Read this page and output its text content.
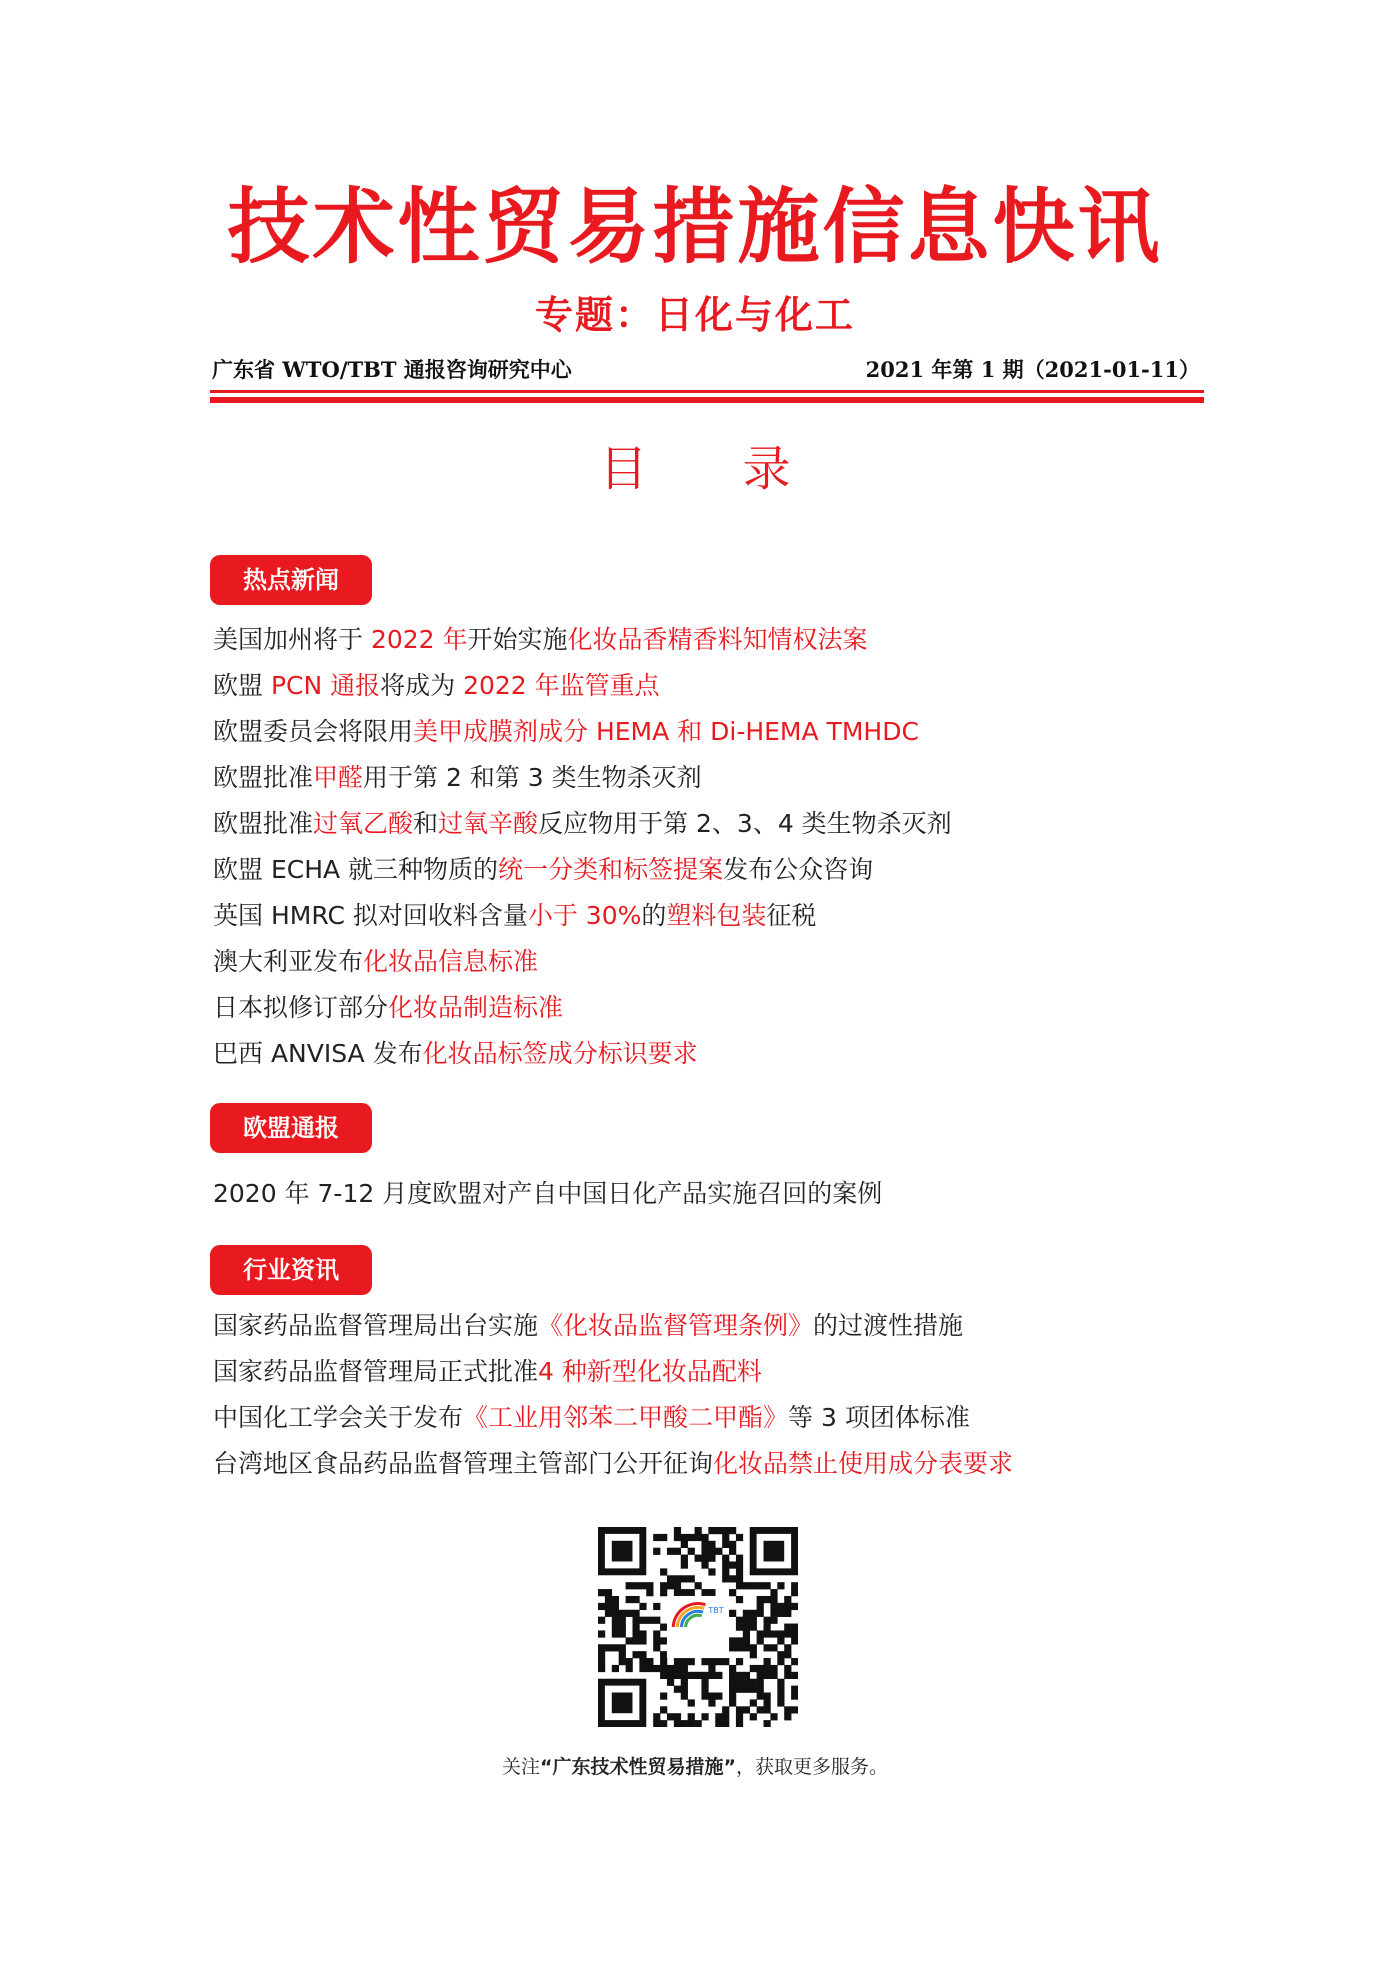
技术性贸易措施信息快讯
专题：日化与化工
广东省 WTO/TBT 通报咨询研究中心	2021 年第 1 期（2021-01-11）
目 录
热点新闻
美国加州将于 2022 年开始实施化妆品香精香料知情权法案
欧盟 PCN 通报将成为 2022 年监管重点
欧盟委员会将限用美甲成膜剂成分 HEMA 和 Di-HEMA TMHDC
欧盟批准甲醛用于第 2 和第 3 类生物杀灭剂
欧盟批准过氧乙酸和过氧辛酸反应物用于第 2、3、4 类生物杀灭剂
欧盟 ECHA 就三种物质的统一分类和标签提案发布公众咨询
英国 HMRC 拟对回收料含量小于 30%的塑料包装征税
澳大利亚发布化妆品信息标准
日本拟修订部分化妆品制造标准
巴西 ANVISA 发布化妆品标签成分标识要求
欧盟通报
2020 年 7-12 月度欧盟对产自中国日化产品实施召回的案例
行业资讯
国家药品监督管理局出台实施《化妆品监督管理条例》的过渡性措施
国家药品监督管理局正式批准4 种新型化妆品配料
中国化工学会关于发布《工业用邻苯二甲酸二甲酯》等 3 项团体标准
台湾地区食品药品监督管理主管部门公开征询化妆品禁止使用成分表要求
TBT
关注“广东技术性贸易措施”，获取更多服务。
